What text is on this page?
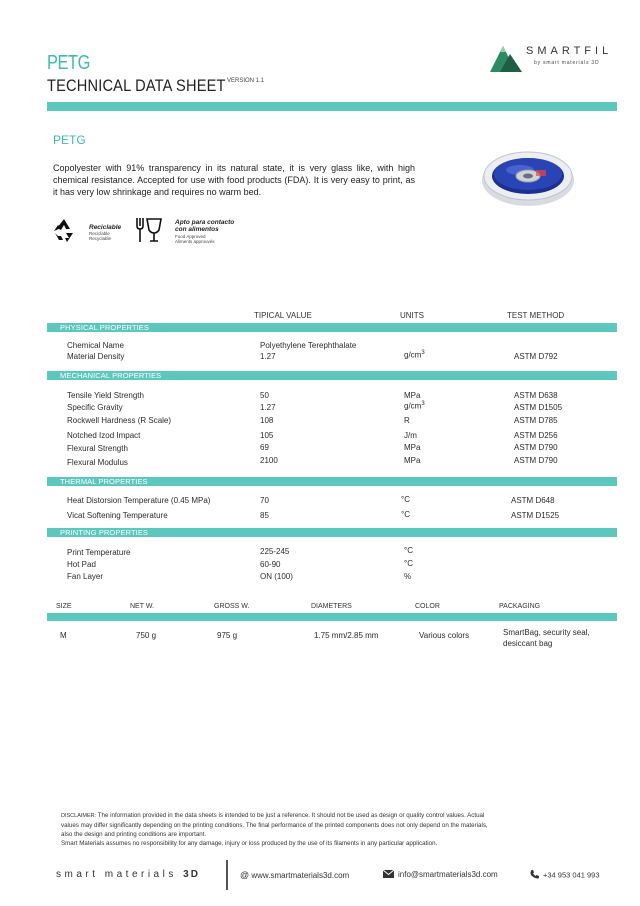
PETG
TECHNICAL DATA SHEET VERSION 1.1
SMARTFIL
by smart materials 3D
PETG
Copolyester with 91% transparency in its natural state, it is very glass like, with high chemical resistance. Accepted for use with food products (FDA). It is very easy to print, as it has very low shrinkage and requires no warm bed.
Reciclable
Reciclable
Recyclable
Apto para contacto
con alimentos
Food Approved
Aliments approuvés
TIPICAL VALUE	UNITS	TEST METHOD
PHYSICAL PROPERTIES
Chemical Name	Polyethylene Terephthalate
Material Density	1.27	$g/cm^3$	ASTM D792
MECHANICAL PROPERTIES
Tensile Yield Strength	50	MPa	ASTM D638
Specific Gravity	1.27	$g/cm^3$	ASTM D1505
Rockwell Hardness (R Scale)	108	R	ASTM D785
Notched Izod Impact	105	J/m	ASTM D256
Flexural Strength	69	MPa	ASTM D790
Flexural Modulus	2100	MPa	ASTM D790
THERMAL PROPERTIES
Heat Distorsion Temperature (0.45 MPa)	70	°C	ASTM D648
Vicat Softening Temperature	85	°C	ASTM D1525
PRINTING PROPERTIES
Print Temperature	225-245	°C
Hot Pad	60-90	°C
Fan Layer	ON (100)	%
SIZE	NET W.	GROSS W.	DIAMETERS	COLOR	PACKAGING
M	750 g	975 g	1.75 mm/2.85 mm	Various colors	SmartBag, security seal,
desiccant bag
DISCLAIMER: The information provided in the data sheets is intended to be just a reference. It should not be used as design or quality control values. Actual
values may differ significantly depending on the printing conditions. The final performance of the printed components does not only depend on the materials,
also the design and printing conditions are important.
Smart Materials assumes no responsibility for any damage, injury or loss produced by the use of its filaments in any particular application.
smart materials 3D	@ www.smartmaterials3d.com	info@smartmaterials3d.com	+34 953 041 993
